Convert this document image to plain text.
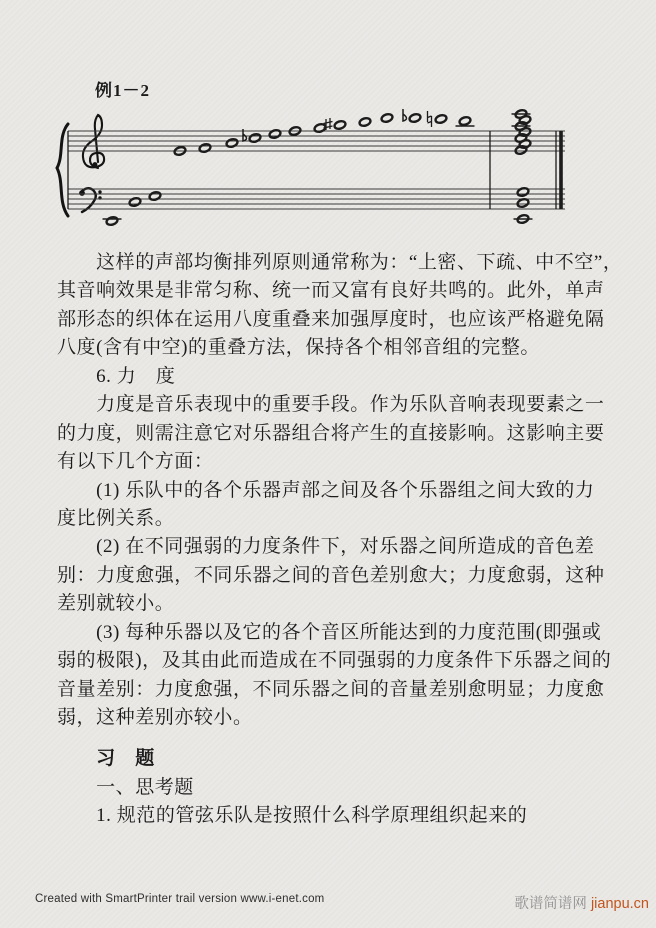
例1－2
　　这样的声部均衡排列原则通常称为：“上密、下疏、中不空”，
其音响效果是非常匀称、统一而又富有良好共鸣的。此外，单声
部形态的织体在运用八度重叠来加强厚度时，也应该严格避免隔
八度(含有中空)的重叠方法，保持各个相邻音组的完整。
　　6. 力　度
　　力度是音乐表现中的重要手段。作为乐队音响表现要素之一
的力度，则需注意它对乐器组合将产生的直接影响。这影响主要
有以下几个方面：
　　(1) 乐队中的各个乐器声部之间及各个乐器组之间大致的力
度比例关系。
　　(2) 在不同强弱的力度条件下，对乐器之间所造成的音色差
别：力度愈强，不同乐器之间的音色差别愈大；力度愈弱，这种
差别就较小。
　　(3) 每种乐器以及它的各个音区所能达到的力度范围(即强或
弱的极限)，及其由此而造成在不同强弱的力度条件下乐器之间的
音量差别：力度愈强，不同乐器之间的音量差别愈明显；力度愈
弱，这种差别亦较小。
　　习　题
　　一、思考题
　　1. 规范的管弦乐队是按照什么科学原理组织起来的
Created with SmartPrinter trail version www.i-enet.com	歌谱简谱网 jianpu.cn
